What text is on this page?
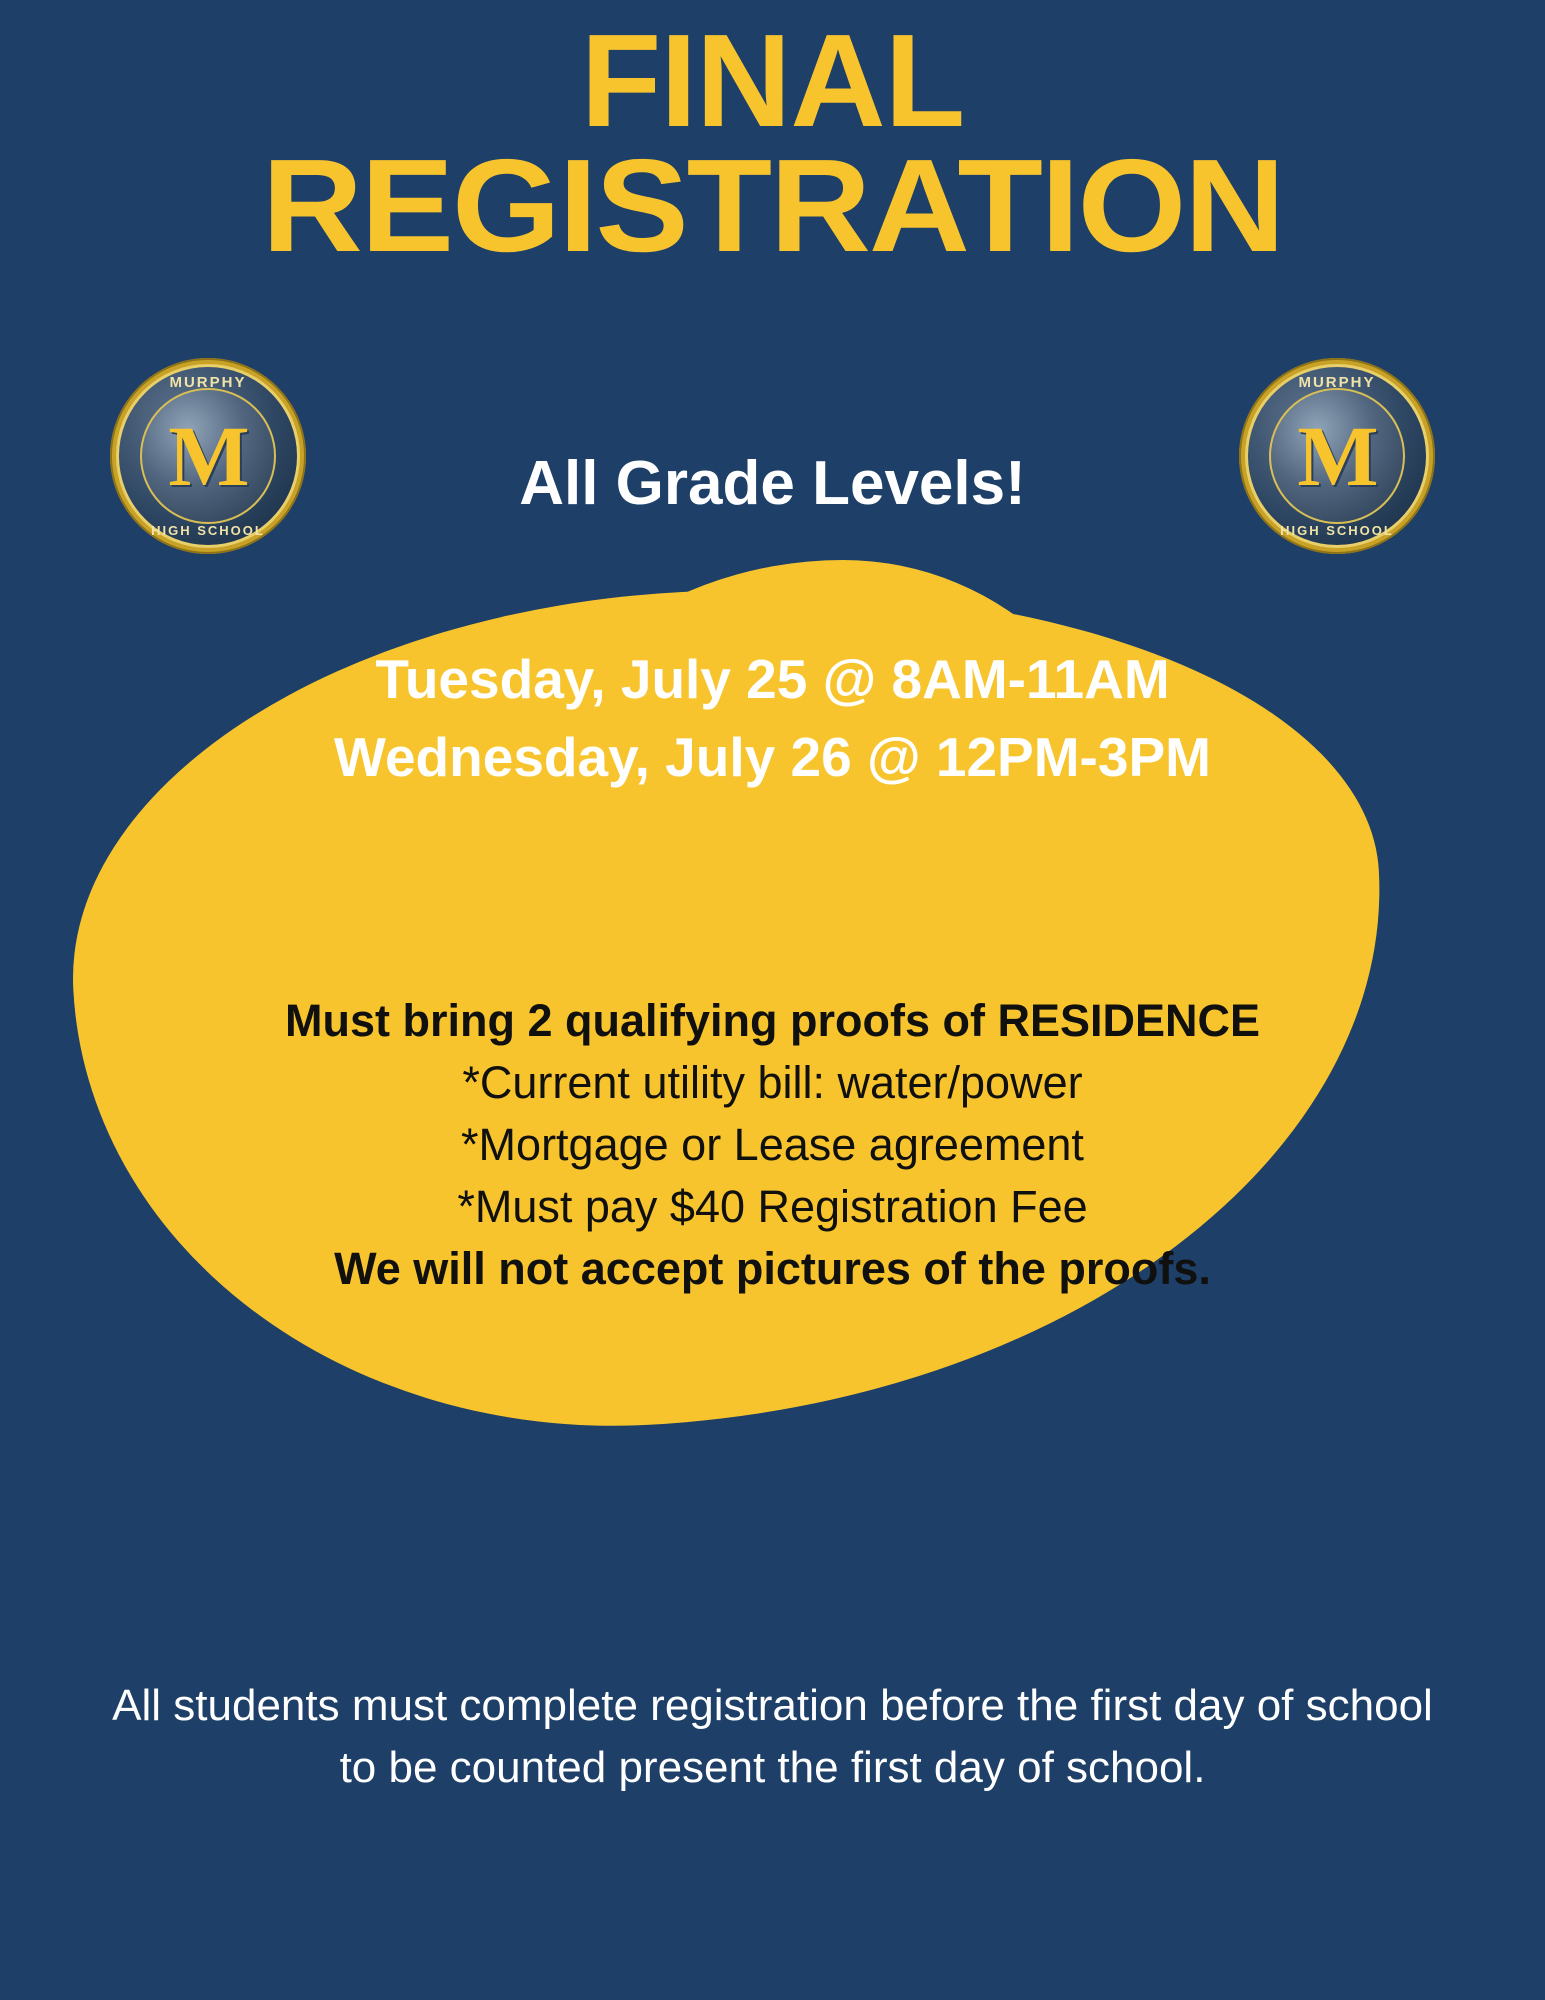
FINAL
REGISTRATION
MURPHY
M
HIGH SCHOOL
MURPHY
M
HIGH SCHOOL
All Grade Levels!
Tuesday, July 25 @ 8AM-11AM
Wednesday, July 26 @ 12PM-3PM
Must bring 2 qualifying proofs of RESIDENCE
*Current utility bill: water/power
*Mortgage or Lease agreement
*Must pay $40 Registration Fee
We will not accept pictures of the proofs.
All students must complete registration before the first day of school to be counted present the first day of school.
